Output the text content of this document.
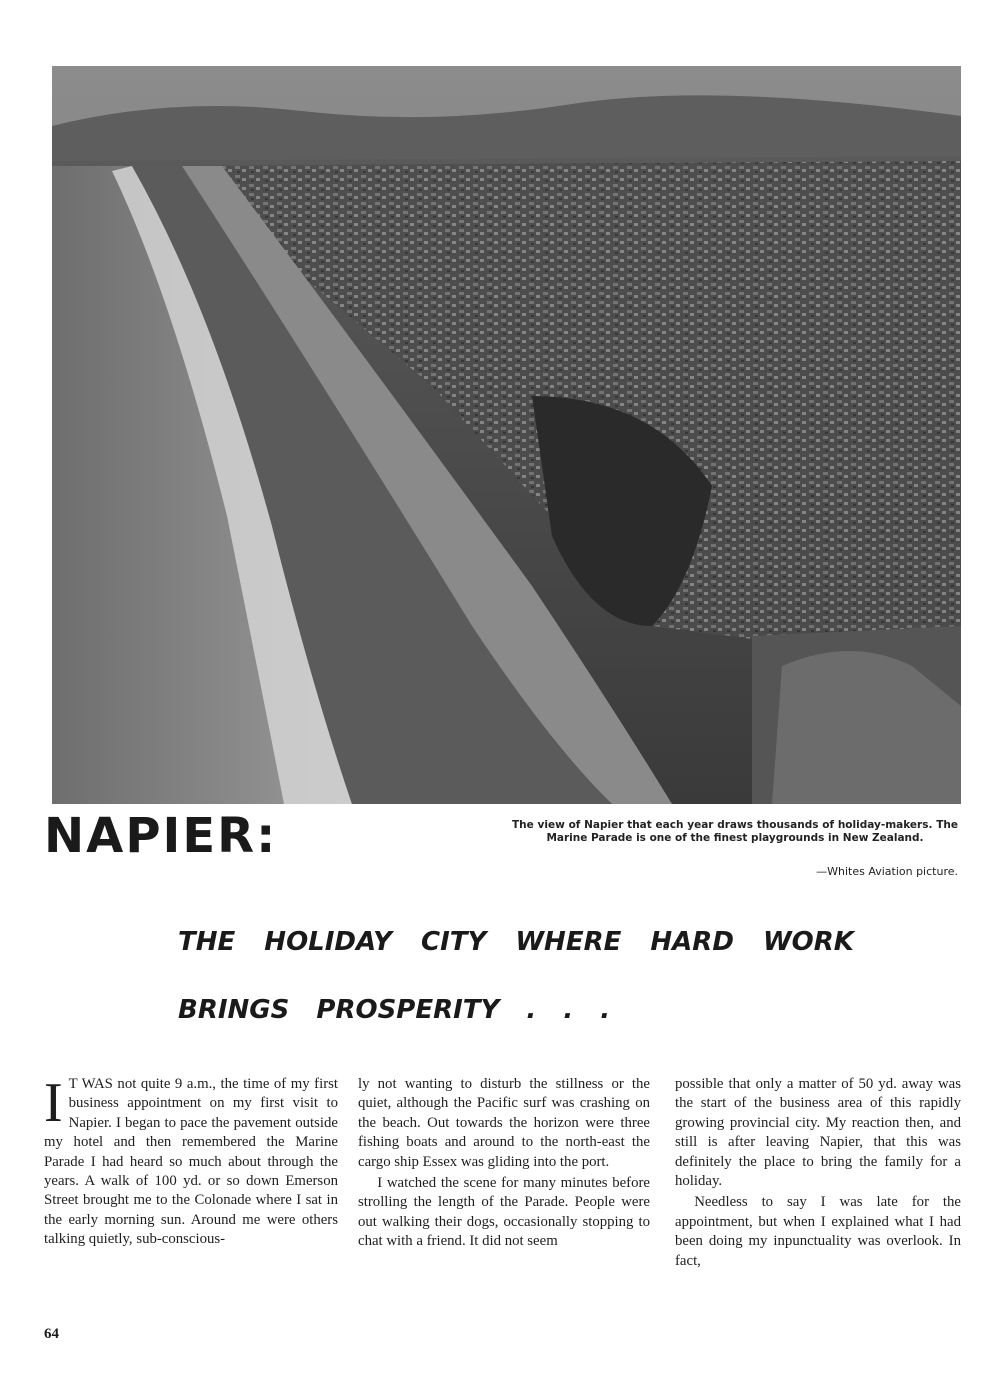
NAPIER:	The view of Napier that each year draws thousands of holiday-makers. The Marine Parade is one of the finest playgrounds in New Zealand.
—Whites Aviation picture.
THE HOLIDAY CITY WHERE HARD WORK
BRINGS PROSPERITY . . .

I T WAS not quite 9 a.m., the time of my first business appointment on my first visit to Napier. I began to pace the pavement outside my hotel and then remembered the Marine Parade I had heard so much about through the years. A walk of 100 yd. or so down Emerson Street brought me to the Colonade where I sat in the early morning sun. Around me were others talking quietly, sub-conscious-

ly not wanting to disturb the stillness or the quiet, although the Pacific surf was crashing on the beach. Out towards the horizon were three fishing boats and around to the north-east the cargo ship Essex was gliding into the port.

I watched the scene for many minutes before strolling the length of the Parade. People were out walking their dogs, occasionally stopping to chat with a friend. It did not seem

possible that only a matter of 50 yd. away was the start of the business area of this rapidly growing provincial city. My reaction then, and still is after leaving Napier, that this was definitely the place to bring the family for a holiday.

Needless to say I was late for the appointment, but when I explained what I had been doing my inpunctuality was overlook. In fact,

64
